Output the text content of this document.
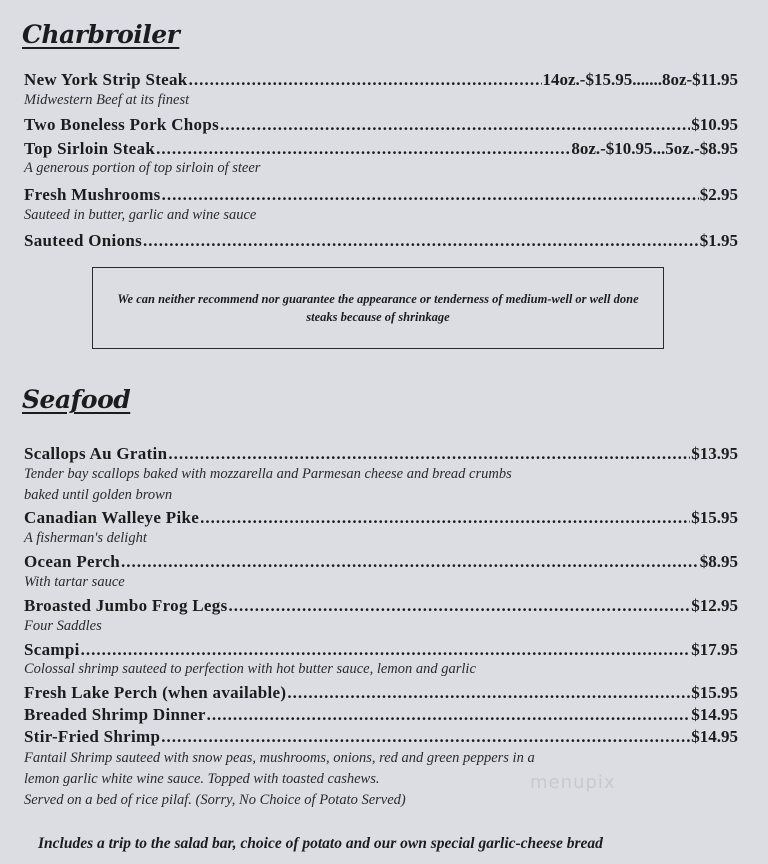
Charbroiler
New York Strip Steak .....	14oz.-$15.95.......8oz-$11.95
Midwestern Beef at its finest
Two Boneless Pork Chops .....	$10.95
Top Sirloin Steak .....	8oz.-$10.95...5oz.-$8.95
A generous portion of top sirloin of steer
Fresh Mushrooms .....	$2.95
Sauteed in butter, garlic and wine sauce
Sauteed Onions .....	$1.95
We can neither recommend nor guarantee the appearance or tenderness of medium-well or well done steaks because of shrinkage
Seafood
Scallops Au Gratin .....	$13.95
Tender bay scallops baked with mozzarella and Parmesan cheese and bread crumbs
baked until golden brown
Canadian Walleye Pike .....	$15.95
A fisherman's delight
Ocean Perch .....	$8.95
With tartar sauce
Broasted Jumbo Frog Legs .....	$12.95
Four Saddles
Scampi .....	$17.95
Colossal shrimp sauteed to perfection with hot butter sauce, lemon and garlic
Fresh Lake Perch (when available) .....	$15.95
Breaded Shrimp Dinner .....	$14.95
Stir-Fried Shrimp .....	$14.95
Fantail Shrimp sauteed with snow peas, mushrooms, onions, red and green peppers in a
lemon garlic white wine sauce. Topped with toasted cashews.
Served on a bed of rice pilaf. (Sorry, No Choice of Potato Served)
menupix
Includes a trip to the salad bar, choice of potato and our own special garlic-cheese bread
